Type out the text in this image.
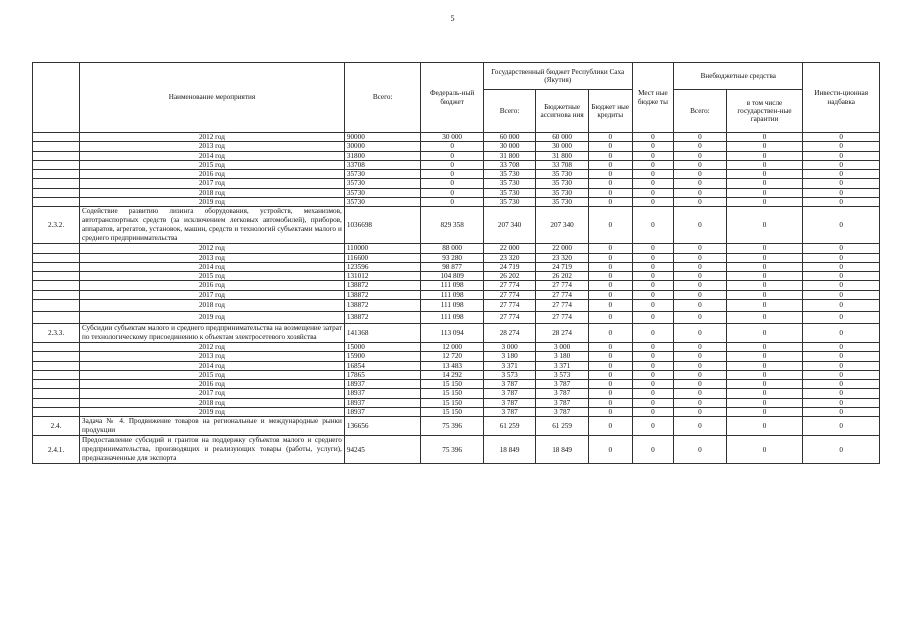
5
	Наименование мероприятия	Всего:	Федераль-ный бюджет	Государственный бюджет Республики Саха (Якутия)			Мест ные бюдже ты	Внебюджетные средства		Инвести-ционная надбавка
				Всего:	Бюджетные ассигнова ния	Бюджет ные кредиты		Всего:	в том числе государствен-ные гарантии	
	2012 год	90000	30 000	60 000	60 000	0	0	0	0	0
	2013 год	30000	0	30 000	30 000	0	0	0	0	0
	2014 год	31800	0	31 800	31 800	0	0	0	0	0
	2015 год	33708	0	33 708	33 708	0	0	0	0	0
	2016 год	35730	0	35 730	35 730	0	0	0	0	0
	2017 год	35730	0	35 730	35 730	0	0	0	0	0
	2018 год	35730	0	35 730	35 730	0	0	0	0	0
	2019 год	35730	0	35 730	35 730	0	0	0	0	0
2.3.2.	Содействие развитию лизинга оборудования, устройств, механизмов, автотранспортных средств (за исключением легковых автомобилей), приборов, аппаратов, агрегатов, установок, машин, средств и технологий субъектами малого и среднего предпринимательства	1036698	829 358	207 340	207 340	0	0	0	0	0
	2012 год	110000	88 000	22 000	22 000	0	0	0	0	0
	2013 год	116600	93 280	23 320	23 320	0	0	0	0	0
	2014 год	123596	98 877	24 719	24 719	0	0	0	0	0
	2015 год	131012	104 809	26 202	26 202	0	0	0	0	0
	2016 год	138872	111 098	27 774	27 774	0	0	0	0	0
	2017 год	138872	111 098	27 774	27 774	0	0	0	0	0
	2018 год	138872	111 098	27 774	27 774	0	0	0	0	0
	2019 год	138872	111 098	27 774	27 774	0	0	0	0	0
2.3.3.	Субсидии субъектам малого и среднего предпринимательства на возмещение затрат по технологическому присоединению к объектам электросетевого хозяйства	141368	113 094	28 274	28 274	0	0	0	0	0
	2012 год	15000	12 000	3 000	3 000	0	0	0	0	0
	2013 год	15900	12 720	3 180	3 180	0	0	0	0	0
	2014 год	16854	13 483	3 371	3 371	0	0	0	0	0
	2015 год	17865	14 292	3 573	3 573	0	0	0	0	0
	2016 год	18937	15 150	3 787	3 787	0	0	0	0	0
	2017 год	18937	15 150	3 787	3 787	0	0	0	0	0
	2018 год	18937	15 150	3 787	3 787	0	0	0	0	0
	2019 год	18937	15 150	3 787	3 787	0	0	0	0	0
2.4.	Задача № 4. Продвижение товаров на региональные и международные рынки продукции	136656	75 396	61 259	61 259	0	0	0	0	0
2.4.1.	Предоставление субсидий и грантов на поддержку субъектов малого и среднего предпринимательства, производящих и реализующих товары (работы, услуги), предназначенные для экспорта	94245	75 396	18 849	18 849	0	0	0	0	0
